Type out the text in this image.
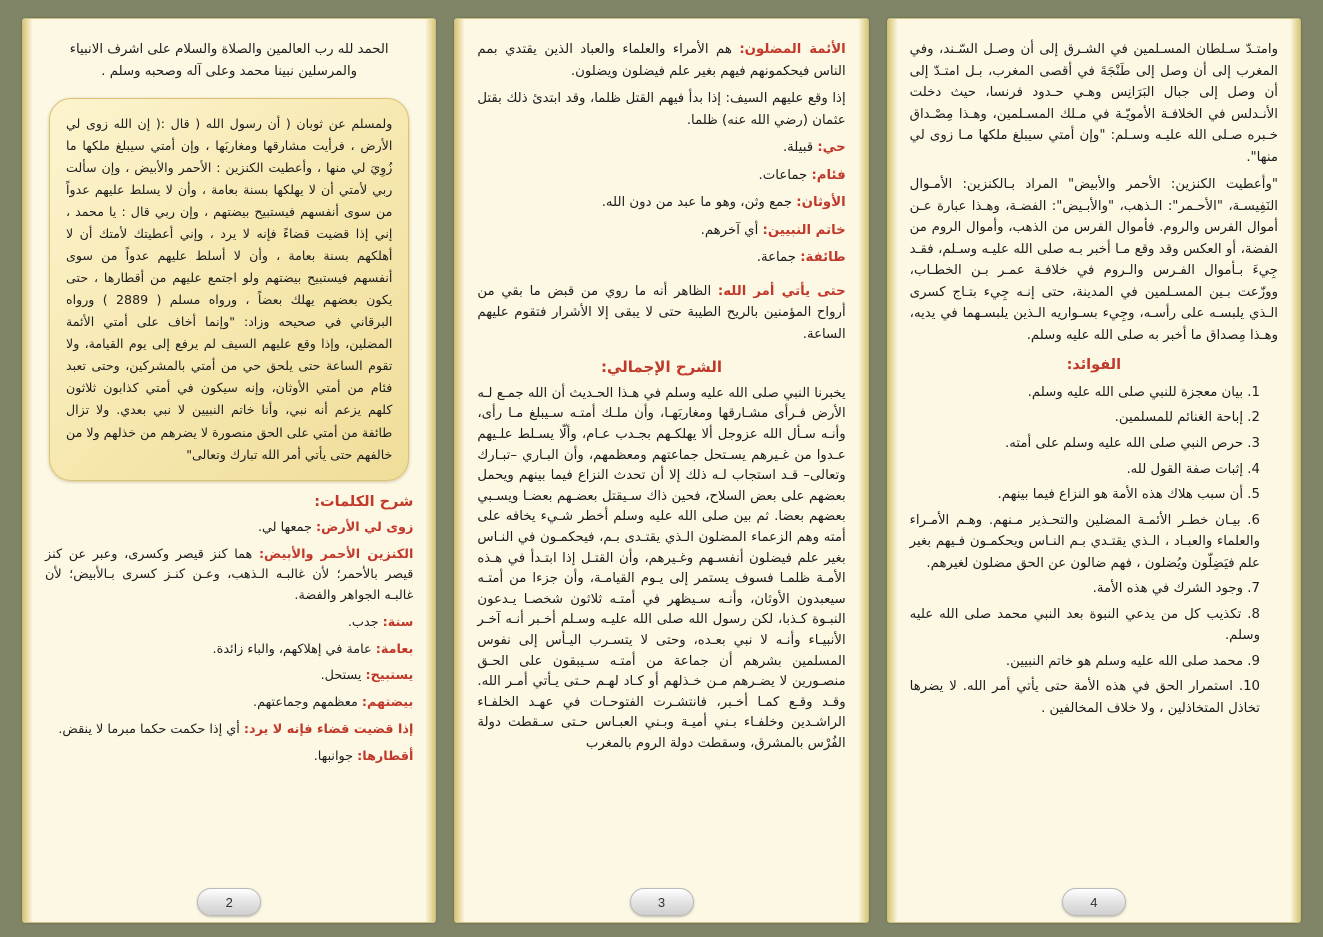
وامتـدّ سـلطان المسـلمين في الشـرق إلى أن وصـل السّـند، وفي المغرب إلى أن وصل إلى طَنْجَةَ في أقصى المغرب، بـل امتـدّ إلى أن وصل إلى جبال البَرَانِس وهـي حـدود فرنسا، حيث دخلت الأنـدلس في الخلافـة الأمويّـة في مـلك المسـلمين، وهـذا مِصْـداق خـبره صـلى الله عليـه وسـلم: "وإن أمتي سيبلغ ملكها مـا زوى لي منها".

"وأعطيت الكنزين: الأحمر والأبيض" المراد بـالكنزين: الأمـوال النَفِيسـة، "الأحـمر": الـذهب، "والأبـيض": الفضـة، وهـذا عبارة عـن أموال الفرس والروم. فأموال الفرس من الذهب، وأموال الروم من الفضة، أو العكس وقد وقع مـا أخبر بـه صلى الله عليـه وسـلم، فقـد جِيءَ بـأموال الفـرس والـروم في خلافـة عمـر بـن الخطـاب، ووزّعت بـين المسـلمين في المدينة، حتى إنـه جِيء بتـاج كسرى الـذي يلبسـه على رأسـه، وجِيء بسـواريه الـذين يلبسـهما في يديه، وهـذا مِصداق ما أخبر به صلى الله عليه وسلم.

الفوائد:
1. بيان معجزة للنبي صلى الله عليه وسلم.
2. إباحة الغنائم للمسلمين.
3. حرص النبي صلى الله عليه وسلم على أمته.
4. إثبات صفة القول لله.
5. أن سبب هلاك هذه الأمة هو النزاع فيما بينهم.
6. بيـان خطـر الأئمـة المضلين والتحـذير مـنهم. وهـم الأمـراء والعلماء والعبـاد ، الـذي يقتـدي بـم النـاس ويحكمـون فـيهم بغير علم فيَضِلّون ويُضلون ، فهم ضالون عن الحق مضلون لغيرهم.
7. وجود الشرك في هذه الأمة.
8. تكذيب كل من يدعي النبوة بعد النبي محمد صلى الله عليه وسلم.
9. محمد صلى الله عليه وسلم هو خاتم النبيين.
10. استمرار الحق في هذه الأمة حتى يأتي أمر الله. لا يضرها تخاذل المتخاذلين ، ولا خلاف المخالفين .
4

الأئمة المضلون: هم الأمراء والعلماء والعباد الذين يقتدي بمم الناس فيحكمونهم فيهم بغير علم فيضلون ويضلون.

إذا وقع عليهم السيف: إذا بدأ فيهم القتل ظلما، وقد ابتدئ ذلك بقتل عثمان (رضي الله عنه) ظلما.

حي: قبيلة.

فئام: جماعات.

الأوثان: جمع وثن، وهو ما عبد من دون الله.

خاتم النبيين: أي آخرهم.

طائفة: جماعة.

حتى يأتي أمر الله: الظاهر أنه ما روي من قبض ما بقي من أرواح المؤمنين بالريح الطيبة حتى لا يبقى إلا الأشرار فتقوم عليهم الساعة.

الشرح الإجمالي:

يخبرنا النبي صلى الله عليه وسلم في هـذا الحـديث أن الله جمـع لـه الأرض فـرأى مشـارقها ومغاربَهـا، وأن ملـك أمتـه سـيبلغ مـا رأى، وأنـه سـأل الله عزوجل ألا يهلكـهم بجـدب عـام، وألّا يسـلط علـيهم عـدوا من غـيرهم يسـتحل جماعتهم ومعظمهم، وأن البـاري –تبـارك وتعالى– قـد استجاب لـه ذلك إلا أن تحدث النزاع فيما بينهم ويحمل بعضهم على بعض السلاح، فحين ذاك سـيقتل بعضـهم بعضـا ويسـبي بعضهم بعضا. ثم بين صلى الله عليه وسلم أخطر شـيء يخافه على أمته وهم الزعماء المضلون الـذي يقتـدى بـم، فيحكمـون في النـاس بغير علم فيضلون أنفسـهم وغـيرهم، وأن القتـل إذا ابتـدأ في هـذه الأمـة ظلمـا فسوف يستمر إلى يـوم القيامـة، وأن جزءا من أمتـه سيعبدون الأوثان، وأنـه سـيظهر في أمتـه ثلاثون شخصـا يـدعون النبـوة كـذبا، لكن رسول الله صلى الله عليـه وسـلم أخـبر أنـه آخـر الأنبيـاء وأنـه لا نبي بعـده، وحتى لا يتسـرب اليـأس إلى نفوس المسلمين بشرهم أن جماعة من أمتـه سـيبقون على الحـق منصـورين لا يضـرهم مـن خـذلهم أو كـاد لهـم حـتى يـأتي أمـر الله. وقـد وقـع كمـا أخـبر، فانتشـرت الفتوحـات في عهـد الخلفـاء الراشـدين وخلفـاء بـني أميـة وبـني العبـاس حـتى سـقطت دولة الفُرْس بالمشرق، وسقطت دولة الروم بالمغرب

3

الحمد لله رب العالمين والصلاة والسلام على اشرف الانبياء والمرسلين نبينا محمد وعلى آله وصحبه وسلم .

ولمسلم عن ثوبان ( أن رسول الله ( قال :( إن الله زوى لي الأرض ، فرأيت مشارقها ومغاربَها ، وإن أمتي سيبلغ ملكها ما زُوِيَ لي منها ، وأعطيت الكنزين : الأحمر والأبيض ، وإن سألت ربي لأمتي أن لا يهلكها بسنة بعامة ، وأن لا يسلط عليهم عدواً من سوى أنفسهم فيستبيح بيضتهم ، وإن ربي قال : يا محمد ، إني إذا قضيت قضاءً فإنه لا يرد ، وإني أعطيتك لأمتك أن لا أهلكهم بسنة بعامة ، وأن لا أسلط عليهم عدواً من سوى أنفسهم فيستبيح بيضتهم ولو اجتمع عليهم من أقطارها ، حتى يكون بعضهم يهلك بعضاً ، ورواه مسلم ( 2889 ) ورواه البرقاني في صحيحه وزاد: "وإنما أخاف على أمتي الأئمة المضلين، وإذا وقع عليهم السيف لم يرفع إلى يوم القيامة، ولا تقوم الساعة حتى يلحق حي من أمتي بالمشركين، وحتى تعبد فئام من أمتي الأوثان، وإنه سيكون في أمتي كذابون ثلاثون كلهم يزعم أنه نبي، وأنا خاتم النبيين لا نبي بعدي. ولا تزال طائفة من أمتي على الحق منصورة لا يضرهم من خذلهم ولا من خالفهم حتى يأتي أمر الله تبارك وتعالى"
شرح الكلمات:

زوى لي الأرض: جمعها لي.

الكنزين الأحمر والأبيض: هما كنز قيصر وكسرى، وعبر عن كنز قيصر بالأحمر؛ لأن غالبـه الـذهب، وعـن كنـز كسرى بـالأبيض؛ لأن غالبـه الجواهر والفضة.

سنة: جدب.

بعامة: عامة في إهلاكهم، والباء زائدة.

يستبيح: يستحل.

بيضتهم: معظمهم وجماعتهم.

إذا قضيت قضاء فإنه لا يرد: أي إذا حكمت حكما مبرما لا ينقض.

أقطارها: جوانبها.

2
